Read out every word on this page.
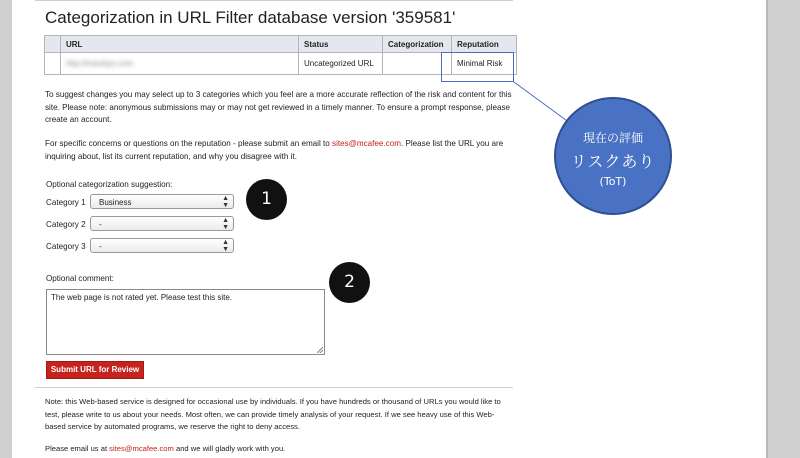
Categorization in URL Filter database version '359581'
	URL	Status	Categorization	Reputation
	http://hsexbyo.com	Uncategorized URL		Minimal Risk
To suggest changes you may select up to 3 categories which you feel are a more accurate reflection of the risk and content for this site. Please note: anonymous submissions may or may not get reviewed in a timely manner. To ensure a prompt response, please create an account.
For specific concerns or questions on the reputation - please submit an email to sites@mcafee.com. Please list the URL you are inquiring about, list its current reputation, and why you disagree with it.
Optional categorization suggestion:
Category 1	Business	▲
▼
Category 2	-	▲
▼
Category 3	-	▲
▼
Optional comment:
The web page is not rated yet. Please test this site.
Submit URL for Review
Note: this Web-based service is designed for occasional use by individuals. If you have hundreds or thousand of URLs you would like to test, please write to us about your needs. Most often, we can provide timely analysis of your request. If we see heavy use of this Web-based service by automated programs, we reserve the right to deny access.
Please email us at sites@mcafee.com and we will gladly work with you.
現在の評価
リスクあり
(ToT)
1
2
